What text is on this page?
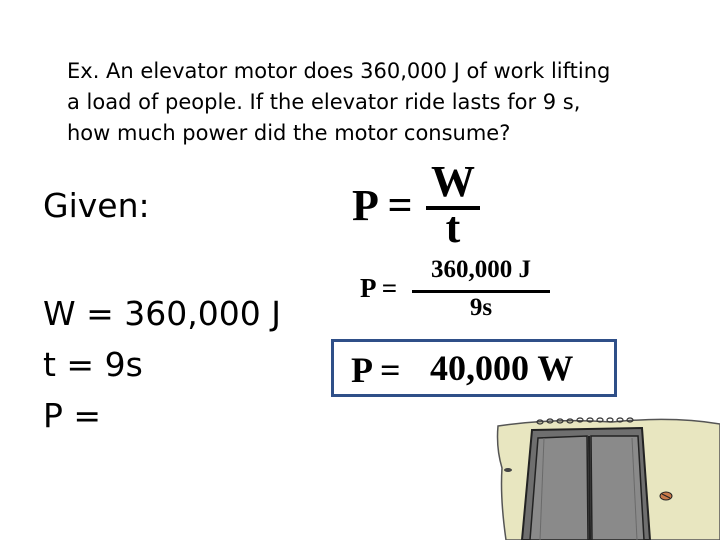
Ex. An elevator motor does 360,000 J of work lifting
a load of people. If the elevator ride lasts for 9 s,
how much power did the motor consume?
Given:
W = 360,000 J
t = 9s
P =
P = W
t
P =
360,000 J
9s
P = 40,000 W
